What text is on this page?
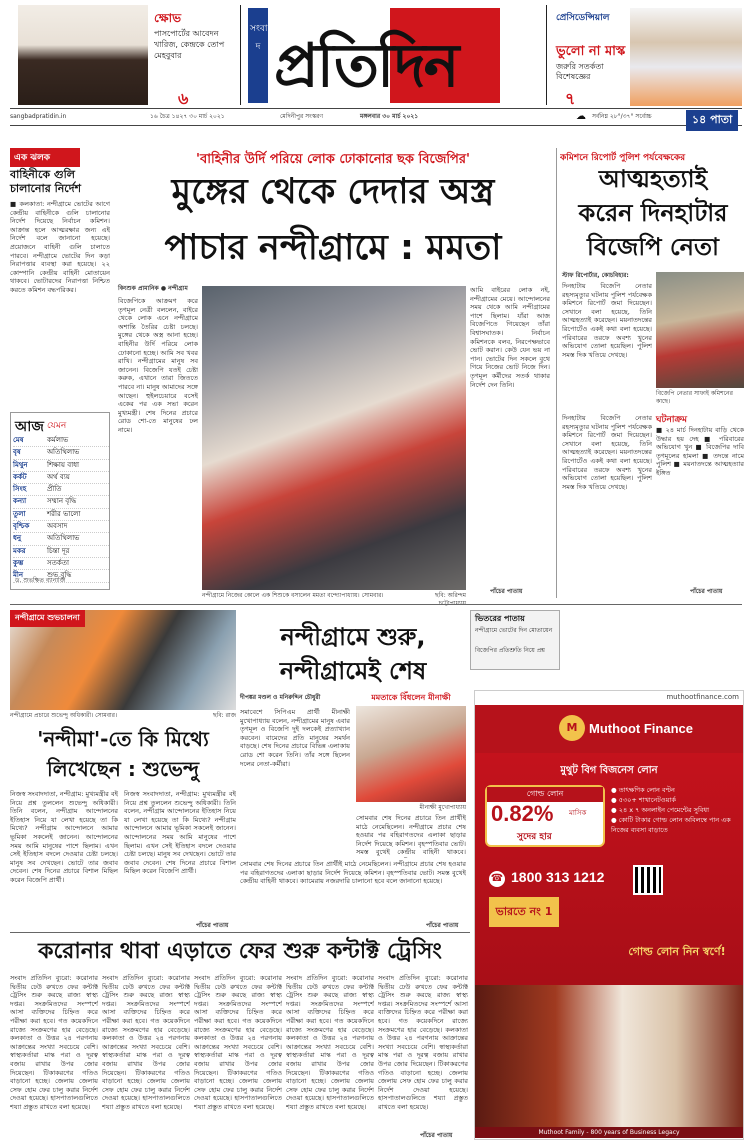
ক্ষোভ
পাসপোর্টের আবেদন খারিজ, কেন্দ্রকে তোপ মেহবুবার
৬
সংবাদ প্রতিদিন
প্রেসিডেন্সিয়াল
ভুলো না মাস্ক
জরুরি সতর্কতা বিশেষজ্ঞের
৭
sangbadpratidin.in	১৬ চৈত্র ১৪২৭ ৩০ মার্চ ২০২১	মেদিনীপুর সংস্করণ	মঙ্গলবার ৩০ মার্চ ২০২১	☁ সর্বনিম্ন ২৮°/৩৭° সর্বোচ্চ	১৪ পাতা
এক ঝলক
বাহিনীকে গুলি চালানোর নির্দেশ
■ কলকাতা: নন্দীগ্রামে ভোটের আগে কেন্দ্রীয় বাহিনীকে গুলি চালানোর নির্দেশ দিয়েছে নির্বাচন কমিশন। আক্রান্ত হলে আত্মরক্ষার জন্য এই নির্দেশ বলে জানানো হয়েছে। প্রয়োজনে বাহিনী গুলি চালাতে পারবে। নন্দীগ্রামে ভোটের দিন কড়া নিরাপত্তার ব্যবস্থা করা হয়েছে। ২২ কোম্পানি কেন্দ্রীয় বাহিনী মোতায়েন থাকবে। ভোটারদের নিরাপত্তা নিশ্চিত করতে কমিশন বদ্ধপরিকর।
আজ যেমন
মেষ	কর্মলাভ
বৃষ	অতিথিলাভ
মিথুন	শিক্ষায় বাধা
কর্কট	অর্থ ব্যয়
সিংহ	প্রীতি
কন্যা	সম্মান বৃদ্ধি
তুলা	শরীর ভালো
বৃশ্চিক	অবসাদ
ধনু	অতিথিলাভ
মকর	চিন্তা দূর
কুম্ভ	সতর্কতা
মীন	শুভ বুদ্ধি
ড. শুভক্ষিত ব্যানার্জি
'বাহিনীর উর্দি পরিয়ে লোক ঢোকানোর ছক বিজেপির'
মুঙ্গের থেকে দেদার অস্ত্র
পাচার নন্দীগ্রামে : মমতা
কিংশুক প্রামানিক ● নন্দীগ্রাম
বিজেপিকে আক্রমণ করে তৃণমূল নেত্রী বললেন, বাইরে থেকে লোক এনে নন্দীগ্রামে অশান্তি তৈরির চেষ্টা চলছে। মুঙ্গের থেকে অস্ত্র আনা হচ্ছে। বাহিনীর উর্দি পরিয়ে লোক ঢোকানো হচ্ছে। আমি সব খবর রাখি। নন্দীগ্রামের মানুষ সব জানেন। বিজেপি যতই চেষ্টা করুক, এখানে তারা জিততে পারবে না। মানুষ আমাদের সঙ্গে আছেন। হুইলচেয়ারে বসেই একের পর এক সভা করেন মুখ্যমন্ত্রী। শেষ দিনের প্রচারে রোড শো-তে মানুষের ঢল নামে।
নন্দীগ্রামে নিজের কোলে এক শিশুকে বসালেন মমতা বন্দ্যোপাধ্যায়। সোমবার।	ছবি: অরিন্দম
আমি বাইরের লোক নই, নন্দীগ্রামের মেয়ে। আন্দোলনের সময় থেকে আমি নন্দীগ্রামের পাশে ছিলাম। যাঁরা আজ বিজেপিতে গিয়েছেন তাঁরা বিশ্বাসঘাতক। নির্বাচন কমিশনকে বলব, নিরপেক্ষভাবে ভোট করান। কেউ যেন ভয় না পান। ভোটের দিন সকলে বুথে গিয়ে নিজের ভোট নিজে দিন। তৃণমূল কর্মীদের সতর্ক থাকার নির্দেশ দেন তিনি।
পাঁচের পাতায়
কমিশনে রিপোর্ট পুলিশ পর্যবেক্ষকের
আত্মহত্যাই
করেন দিনহাটার
বিজেপি নেতা
স্টাফ রিপোর্টার, কোচবিহার:
দিনহাটায় বিজেপি নেতার রহস্যমৃত্যুর ঘটনায় পুলিশ পর্যবেক্ষক কমিশনে রিপোর্ট জমা দিয়েছেন। সেখানে বলা হয়েছে, তিনি আত্মহত্যাই করেছেন। ময়নাতদন্তের রিপোর্টেও একই কথা বলা হয়েছে। পরিবারের তরফে অবশ্য খুনের অভিযোগ তোলা হয়েছিল। পুলিশ সমস্ত দিক খতিয়ে দেখছে।
বিজেপি নেতার সাফাই কমিশনের কাছে।
ঘটনাক্রম
■ ২৪ মার্চ দিনহাটায় বাড়ি থেকে উদ্ধার হয় দেহ ■ পরিবারের অভিযোগ খুন ■ বিজেপির দাবি তৃণমূলের হামলা ■ তদন্তে নামে পুলিশ ■ ময়নাতদন্তে আত্মহত্যার ইঙ্গিত
দিনহাটায় বিজেপি নেতার রহস্যমৃত্যুর ঘটনায় পুলিশ পর্যবেক্ষক কমিশনে রিপোর্ট জমা দিয়েছেন। সেখানে বলা হয়েছে, তিনি আত্মহত্যাই করেছেন। ময়নাতদন্তের রিপোর্টেও একই কথা বলা হয়েছে। পরিবারের তরফে অবশ্য খুনের অভিযোগ তোলা হয়েছিল। পুলিশ সমস্ত দিক খতিয়ে দেখছে।
পাঁচের পাতায়
নন্দীগ্রামে শুভচালনা
নন্দীগ্রামে প্রচারে শুভেন্দু অধিকারী। সোমবার।	ছবি: রাজ
ভিতরের পাতায়
নন্দীগ্রামে ভোটের দিন মোতায়েন
বিজেপির প্রতিশ্রুতি নিয়ে প্রশ্ন
নন্দীগ্রামে শুরু,
নন্দীগ্রামেই শেষ
দীপঙ্কর মণ্ডল ও মনিরুদ্দিন চৌধুরী	মমতাকে বিঁধলেন মীনাক্ষী
সমাবেশে সিপিএম প্রার্থী মীনাক্ষী মুখোপাধ্যায় বলেন, নন্দীগ্রামের মানুষ এবার তৃণমূল ও বিজেপি দুই দলকেই প্রত্যাখ্যান করবেন। বামেদের প্রতি মানুষের সমর্থন বাড়ছে। শেষ দিনের প্রচারে বিভিন্ন এলাকায় রোড শো করেন তিনি। তাঁর সঙ্গে ছিলেন দলের নেতা-কর্মীরা।
মীনাক্ষী মুখোপাধ্যায়
সোমবার শেষ দিনের প্রচারে তিন প্রার্থীই মাঠে নেমেছিলেন। নন্দীগ্রামে প্রচার শেষ হওয়ার পর বহিরাগতদের এলাকা ছাড়ার নির্দেশ দিয়েছে কমিশন। বৃহস্পতিবার ভোট। সমস্ত বুথেই কেন্দ্রীয় বাহিনী থাকবে।
সোমবার শেষ দিনের প্রচারে তিন প্রার্থীই মাঠে নেমেছিলেন। নন্দীগ্রামে প্রচার শেষ হওয়ার পর বহিরাগতদের এলাকা ছাড়ার নির্দেশ দিয়েছে কমিশন। বৃহস্পতিবার ভোট। সমস্ত বুথেই কেন্দ্রীয় বাহিনী থাকবে। ক্যামেরায় নজরদারি চালানো হবে বলে জানানো হয়েছে।
পাঁচের পাতায়
'নন্দীমা'-তে কি মিথ্যে
লিখেছেন : শুভেন্দু
নিজস্ব সংবাদদাতা, নন্দীগ্রাম: মুখ্যমন্ত্রীর বই নিয়ে প্রশ্ন তুললেন শুভেন্দু অধিকারী। তিনি বলেন, নন্দীগ্রাম আন্দোলনের ইতিহাস নিয়ে যা লেখা হয়েছে তা কি মিথ্যে? নন্দীগ্রাম আন্দোলনে আমার ভূমিকা সকলেই জানেন। আন্দোলনের সময় আমি মানুষের পাশে ছিলাম। এখন সেই ইতিহাস বদলে দেওয়ার চেষ্টা চলছে। মানুষ সব দেখছেন। ভোটে তার জবাব দেবেন। শেষ দিনের প্রচারে বিশাল মিছিল করেন বিজেপি প্রার্থী।
নিজস্ব সংবাদদাতা, নন্দীগ্রাম: মুখ্যমন্ত্রীর বই নিয়ে প্রশ্ন তুললেন শুভেন্দু অধিকারী। তিনি বলেন, নন্দীগ্রাম আন্দোলনের ইতিহাস নিয়ে যা লেখা হয়েছে তা কি মিথ্যে? নন্দীগ্রাম আন্দোলনে আমার ভূমিকা সকলেই জানেন। আন্দোলনের সময় আমি মানুষের পাশে ছিলাম। এখন সেই ইতিহাস বদলে দেওয়ার চেষ্টা চলছে। মানুষ সব দেখছেন। ভোটে তার জবাব দেবেন। শেষ দিনের প্রচারে বিশাল মিছিল করেন বিজেপি প্রার্থী।
পাঁচের পাতায়
muthootfinance.com
M Muthoot Finance
মুথুট বিগ বিজনেস লোন
গোল্ড লোন
0.82% মাসিক
সুদের হার
● তাৎক্ষণিক লোন বণ্টন
● ৫৩০+ শাখানেটওয়ার্ক
● ২৪ x ৭ অনলাইন পেমেন্টের সুবিধা
● কোটি টাকার গোল্ড লোন অবিলম্বে পান এক নিজের ব্যবসা বাড়াতে
☎ 1800 313 1212
ভারতে নং 1
গোল্ড লোন নিন স্বর্ণে!
Muthoot Family - 800 years of Business Legacy
করোনার থাবা এড়াতে ফের শুরু কন্টাক্ট ট্রেসিং
সংবাদ প্রতিদিন ব্যুরো: করোনার দ্বিতীয় ঢেউ রুখতে ফের কন্টাক্ট ট্রেসিং শুরু করছে রাজ্য স্বাস্থ্য দপ্তর। সংক্রমিতদের সংস্পর্শে আসা ব্যক্তিদের চিহ্নিত করে পরীক্ষা করা হবে। গত কয়েকদিনে রাজ্যে সংক্রমণের হার বেড়েছে। কলকাতা ও উত্তর ২৪ পরগনায় আক্রান্তের সংখ্যা সবচেয়ে বেশি। স্বাস্থ্যকর্তারা মাস্ক পরা ও দূরত্ব বজায় রাখার উপর জোর দিয়েছেন। টিকাকরণের গতিও বাড়ানো হচ্ছে। জেলায় জেলায় সেফ হোম ফের চালু করার নির্দেশ দেওয়া হয়েছে। হাসপাতালগুলিতে শয্যা প্রস্তুত রাখতে বলা হয়েছে।
সংবাদ প্রতিদিন ব্যুরো: করোনার দ্বিতীয় ঢেউ রুখতে ফের কন্টাক্ট ট্রেসিং শুরু করছে রাজ্য স্বাস্থ্য দপ্তর। সংক্রমিতদের সংস্পর্শে আসা ব্যক্তিদের চিহ্নিত করে পরীক্ষা করা হবে। গত কয়েকদিনে রাজ্যে সংক্রমণের হার বেড়েছে। কলকাতা ও উত্তর ২৪ পরগনায় আক্রান্তের সংখ্যা সবচেয়ে বেশি। স্বাস্থ্যকর্তারা মাস্ক পরা ও দূরত্ব বজায় রাখার উপর জোর দিয়েছেন। টিকাকরণের গতিও বাড়ানো হচ্ছে। জেলায় জেলায় সেফ হোম ফের চালু করার নির্দেশ দেওয়া হয়েছে। হাসপাতালগুলিতে শয্যা প্রস্তুত রাখতে বলা হয়েছে।
সংবাদ প্রতিদিন ব্যুরো: করোনার দ্বিতীয় ঢেউ রুখতে ফের কন্টাক্ট ট্রেসিং শুরু করছে রাজ্য স্বাস্থ্য দপ্তর। সংক্রমিতদের সংস্পর্শে আসা ব্যক্তিদের চিহ্নিত করে পরীক্ষা করা হবে। গত কয়েকদিনে রাজ্যে সংক্রমণের হার বেড়েছে। কলকাতা ও উত্তর ২৪ পরগনায় আক্রান্তের সংখ্যা সবচেয়ে বেশি। স্বাস্থ্যকর্তারা মাস্ক পরা ও দূরত্ব বজায় রাখার উপর জোর দিয়েছেন। টিকাকরণের গতিও বাড়ানো হচ্ছে। জেলায় জেলায় সেফ হোম ফের চালু করার নির্দেশ দেওয়া হয়েছে। হাসপাতালগুলিতে শয্যা প্রস্তুত রাখতে বলা হয়েছে।
সংবাদ প্রতিদিন ব্যুরো: করোনার দ্বিতীয় ঢেউ রুখতে ফের কন্টাক্ট ট্রেসিং শুরু করছে রাজ্য স্বাস্থ্য দপ্তর। সংক্রমিতদের সংস্পর্শে আসা ব্যক্তিদের চিহ্নিত করে পরীক্ষা করা হবে। গত কয়েকদিনে রাজ্যে সংক্রমণের হার বেড়েছে। কলকাতা ও উত্তর ২৪ পরগনায় আক্রান্তের সংখ্যা সবচেয়ে বেশি। স্বাস্থ্যকর্তারা মাস্ক পরা ও দূরত্ব বজায় রাখার উপর জোর দিয়েছেন। টিকাকরণের গতিও বাড়ানো হচ্ছে। জেলায় জেলায় সেফ হোম ফের চালু করার নির্দেশ দেওয়া হয়েছে। হাসপাতালগুলিতে শয্যা প্রস্তুত রাখতে বলা হয়েছে।
সংবাদ প্রতিদিন ব্যুরো: করোনার দ্বিতীয় ঢেউ রুখতে ফের কন্টাক্ট ট্রেসিং শুরু করছে রাজ্য স্বাস্থ্য দপ্তর। সংক্রমিতদের সংস্পর্শে আসা ব্যক্তিদের চিহ্নিত করে পরীক্ষা করা হবে। গত কয়েকদিনে রাজ্যে সংক্রমণের হার বেড়েছে। কলকাতা ও উত্তর ২৪ পরগনায় আক্রান্তের সংখ্যা সবচেয়ে বেশি। স্বাস্থ্যকর্তারা মাস্ক পরা ও দূরত্ব বজায় রাখার উপর জোর দিয়েছেন। টিকাকরণের গতিও বাড়ানো হচ্ছে। জেলায় জেলায় সেফ হোম ফের চালু করার নির্দেশ দেওয়া হয়েছে। হাসপাতালগুলিতে শয্যা প্রস্তুত রাখতে বলা হয়েছে।
পাঁচের পাতায়
